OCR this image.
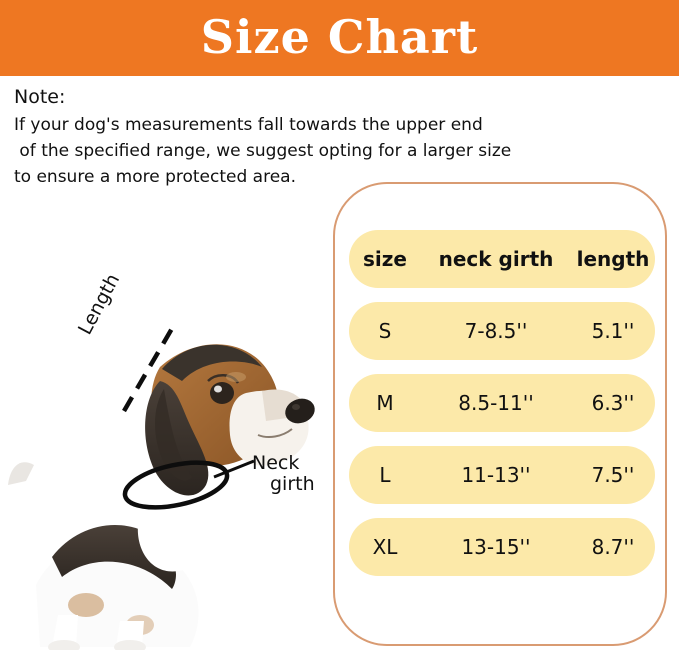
Size Chart
Note:
If your dog's measurements fall towards the upper end
of the specified range, we suggest opting for a larger size
to ensure a more protected area.
Length
Neck
girth
size	neck girth	length
S	7-8.5''	5.1''
M	8.5-11''	6.3''
L	11-13''	7.5''
XL	13-15''	8.7''
